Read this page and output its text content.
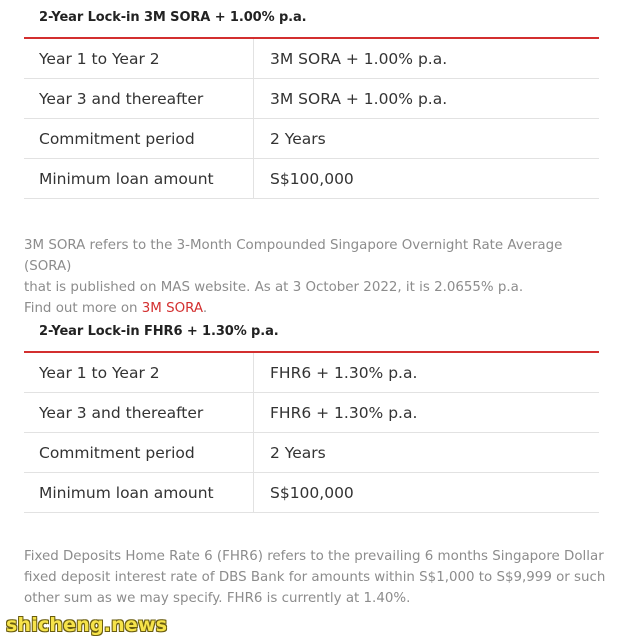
2-Year Lock-in 3M SORA + 1.00% p.a.
Year 1 to Year 2	3M SORA + 1.00% p.a.
Year 3 and thereafter	3M SORA + 1.00% p.a.
Commitment period	2 Years
Minimum loan amount	S$100,000
3M SORA refers to the 3-Month Compounded Singapore Overnight Rate Average (SORA)
that is published on MAS website. As at 3 October 2022, it is 2.0655% p.a.
Find out more on 3M SORA.
2-Year Lock-in FHR6 + 1.30% p.a.
Year 1 to Year 2	FHR6 + 1.30% p.a.
Year 3 and thereafter	FHR6 + 1.30% p.a.
Commitment period	2 Years
Minimum loan amount	S$100,000
Fixed Deposits Home Rate 6 (FHR6) refers to the prevailing 6 months Singapore Dollar
fixed deposit interest rate of DBS Bank for amounts within S$1,000 to S$9,999 or such
other sum as we may specify. FHR6 is currently at 1.40%.
shicheng.news
